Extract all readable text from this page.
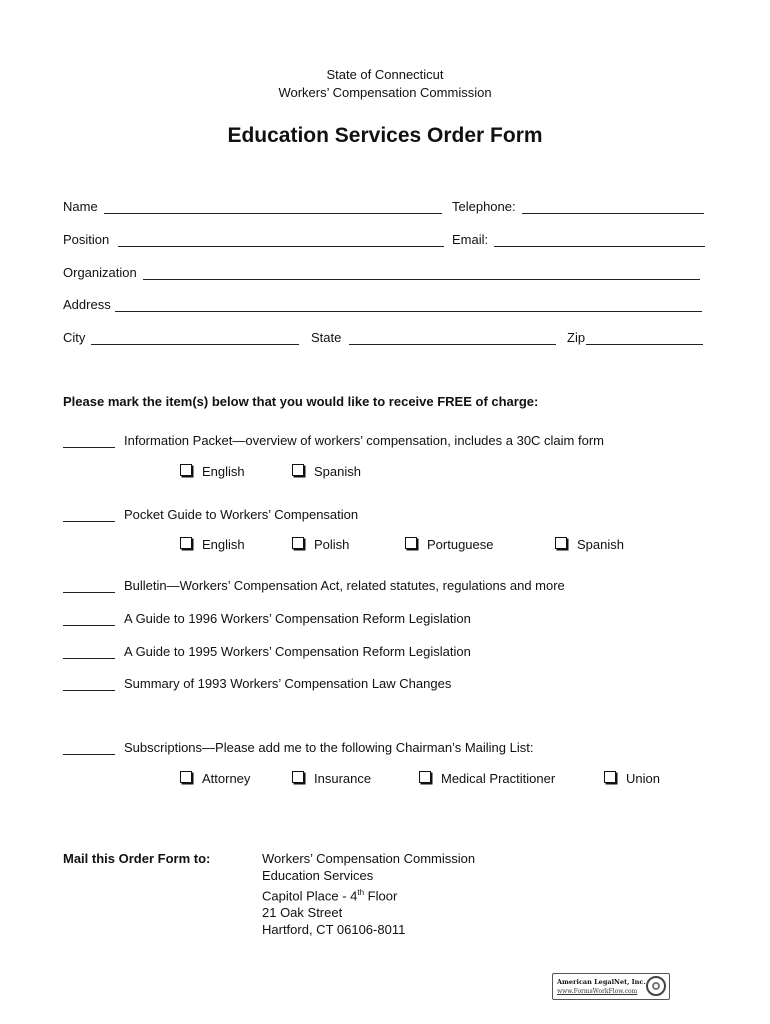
State of Connecticut
Workers’ Compensation Commission
Education Services Order Form
Name	Telephone:
Position	Email:
Organization
Address
City	State	Zip
Please mark the item(s) below that you would like to receive FREE of charge:
Information Packet—overview of workers’ compensation, includes a 30C claim form
English	Spanish
Pocket Guide to Workers’ Compensation
English	Polish	Portuguese	Spanish
Bulletin—Workers’ Compensation Act, related statutes, regulations and more
A Guide to 1996 Workers’ Compensation Reform Legislation
A Guide to 1995 Workers’ Compensation Reform Legislation
Summary of 1993 Workers’ Compensation Law Changes
Subscriptions—Please add me to the following Chairman’s Mailing List:
Attorney	Insurance	Medical Practitioner	Union
Mail this Order Form to:	Workers’ Compensation Commission
Education Services
Capitol Place - 4th Floor
21 Oak Street
Hartford, CT 06106-8011
American LegalNet, Inc.
www.FormsWorkFlow.com
